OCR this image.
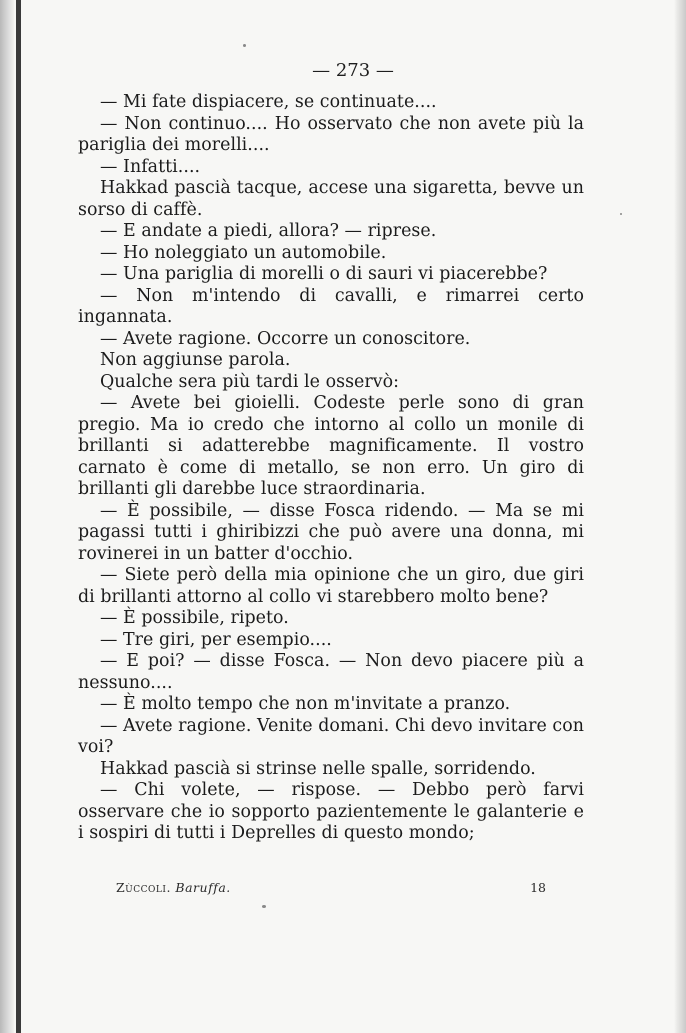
— 273 —

— Mi fate dispiacere, se continuate....

— Non continuo.... Ho osservato che non avete più la pariglia dei morelli....

— Infatti....

Hakkad pascià tacque, accese una sigaretta, bevve un sorso di caffè.

— E andate a piedi, allora? — riprese.

— Ho noleggiato un automobile.

— Una pariglia di morelli o di sauri vi piacerebbe?

— Non m'intendo di cavalli, e rimarrei certo ingannata.

— Avete ragione. Occorre un conoscitore.

Non aggiunse parola.

Qualche sera più tardi le osservò:

— Avete bei gioielli. Codeste perle sono di gran pregio. Ma io credo che intorno al collo un monile di brillanti si adatterebbe magnificamente. Il vostro carnato è come di metallo, se non erro. Un giro di brillanti gli darebbe luce straordinaria.

— È possibile, — disse Fosca ridendo. — Ma se mi pagassi tutti i ghiribizzi che può avere una donna, mi rovinerei in un batter d'occhio.

— Siete però della mia opinione che un giro, due giri di brillanti attorno al collo vi starebbero molto bene?

— È possibile, ripeto.

— Tre giri, per esempio....

— E poi? — disse Fosca. — Non devo piacere più a nessuno....

— È molto tempo che non m'invitate a pranzo.

— Avete ragione. Venite domani. Chi devo invitare con voi?

Hakkad pascià si strinse nelle spalle, sorridendo.

— Chi volete, — rispose. — Debbo però farvi osservare che io sopporto pazientemente le galanterie e i sospiri di tutti i Deprelles di questo mondo;

Zùccoli. Baruffa.	18
